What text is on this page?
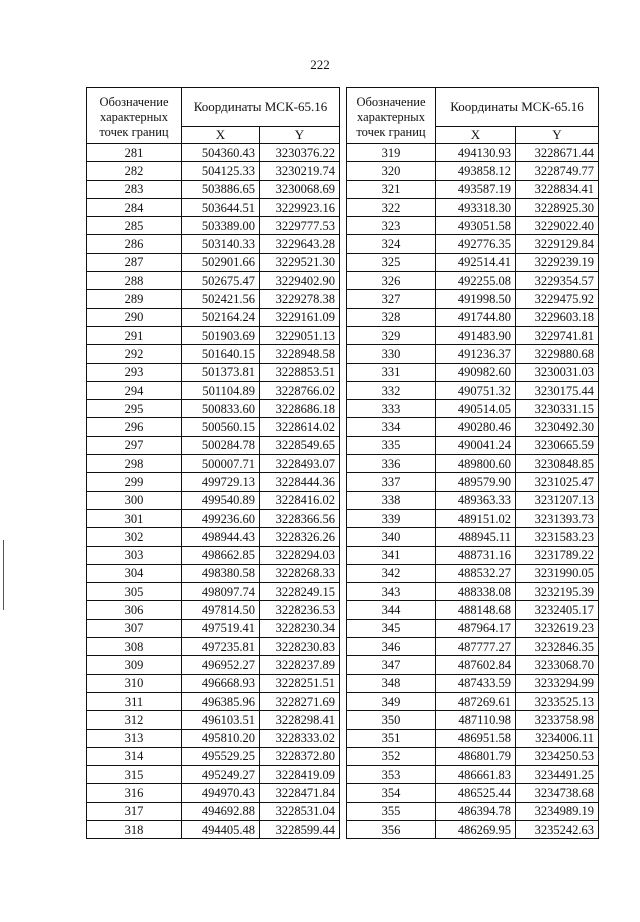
222
Обозначение характерных точек границ	Координаты МСК-65.16			Обозначение характерных точек границ	Координаты МСК-65.16	
	X	Y			X	Y
281	504360.43	3230376.22		319	494130.93	3228671.44
282	504125.33	3230219.74		320	493858.12	3228749.77
283	503886.65	3230068.69		321	493587.19	3228834.41
284	503644.51	3229923.16		322	493318.30	3228925.30
285	503389.00	3229777.53		323	493051.58	3229022.40
286	503140.33	3229643.28		324	492776.35	3229129.84
287	502901.66	3229521.30		325	492514.41	3229239.19
288	502675.47	3229402.90		326	492255.08	3229354.57
289	502421.56	3229278.38		327	491998.50	3229475.92
290	502164.24	3229161.09		328	491744.80	3229603.18
291	501903.69	3229051.13		329	491483.90	3229741.81
292	501640.15	3228948.58		330	491236.37	3229880.68
293	501373.81	3228853.51		331	490982.60	3230031.03
294	501104.89	3228766.02		332	490751.32	3230175.44
295	500833.60	3228686.18		333	490514.05	3230331.15
296	500560.15	3228614.02		334	490280.46	3230492.30
297	500284.78	3228549.65		335	490041.24	3230665.59
298	500007.71	3228493.07		336	489800.60	3230848.85
299	499729.13	3228444.36		337	489579.90	3231025.47
300	499540.89	3228416.02		338	489363.33	3231207.13
301	499236.60	3228366.56		339	489151.02	3231393.73
302	498944.43	3228326.26		340	488945.11	3231583.23
303	498662.85	3228294.03		341	488731.16	3231789.22
304	498380.58	3228268.33		342	488532.27	3231990.05
305	498097.74	3228249.15		343	488338.08	3232195.39
306	497814.50	3228236.53		344	488148.68	3232405.17
307	497519.41	3228230.34		345	487964.17	3232619.23
308	497235.81	3228230.83		346	487777.27	3232846.35
309	496952.27	3228237.89		347	487602.84	3233068.70
310	496668.93	3228251.51		348	487433.59	3233294.99
311	496385.96	3228271.69		349	487269.61	3233525.13
312	496103.51	3228298.41		350	487110.98	3233758.98
313	495810.20	3228333.02		351	486951.58	3234006.11
314	495529.25	3228372.80		352	486801.79	3234250.53
315	495249.27	3228419.09		353	486661.83	3234491.25
316	494970.43	3228471.84		354	486525.44	3234738.68
317	494692.88	3228531.04		355	486394.78	3234989.19
318	494405.48	3228599.44		356	486269.95	3235242.63
